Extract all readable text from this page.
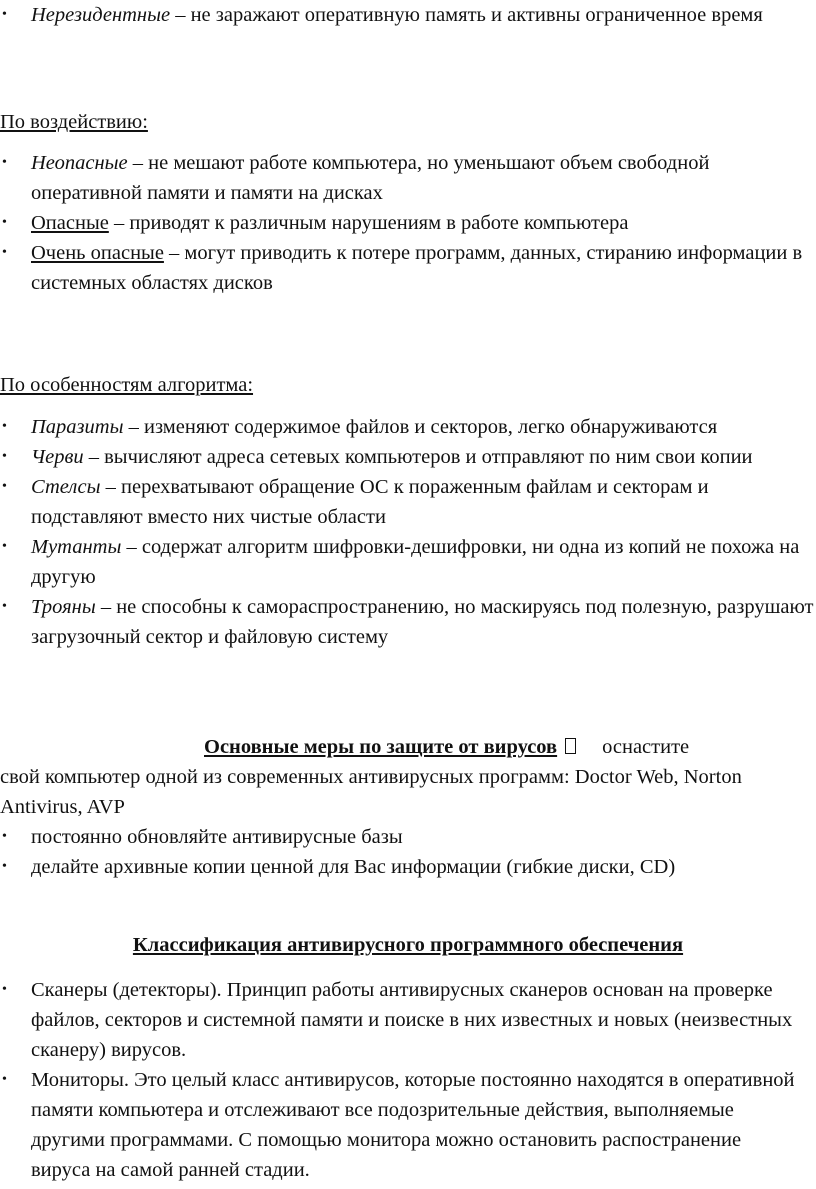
• Нерезидентные – не заражают оперативную память и активны ограниченное время
По воздействию:
• Неопасные – не мешают работе компьютера, но уменьшают объем свободной оперативной памяти и памяти на дисках
• Опасные – приводят к различным нарушениям в работе компьютера
• Очень опасные – могут приводить к потере программ, данных, стиранию информации в системных областях дисков
По особенностям алгоритма:
• Паразиты – изменяют содержимое файлов и секторов, легко обнаруживаются
• Черви – вычисляют адреса сетевых компьютеров и отправляют по ним свои копии
• Стелсы – перехватывают обращение ОС к пораженным файлам и секторам и подставляют вместо них чистые области
• Мутанты – содержат алгоритм шифровки-дешифровки, ни одна из копий не похожа на другую
• Трояны – не способны к самораспространению, но маскируясь под полезную, разрушают загрузочный сектор и файловую систему
Основные меры по защите от вирусов оснастите
свой компьютер одной из современных антивирусных программ: Doctor Web, Norton Antivirus, AVP
• постоянно обновляйте антивирусные базы
• делайте архивные копии ценной для Вас информации (гибкие диски, CD)
Классификация антивирусного программного обеспечения
• Сканеры (детекторы). Принцип работы антивирусных сканеров основан на проверке файлов, секторов и системной памяти и поиске в них известных и новых (неизвестных сканеру) вирусов.
• Мониторы. Это целый класс антивирусов, которые постоянно находятся в оперативной памяти компьютера и отслеживают все подозрительные действия, выполняемые другими программами. С помощью монитора можно остановить распостранение вируса на самой ранней стадии.
